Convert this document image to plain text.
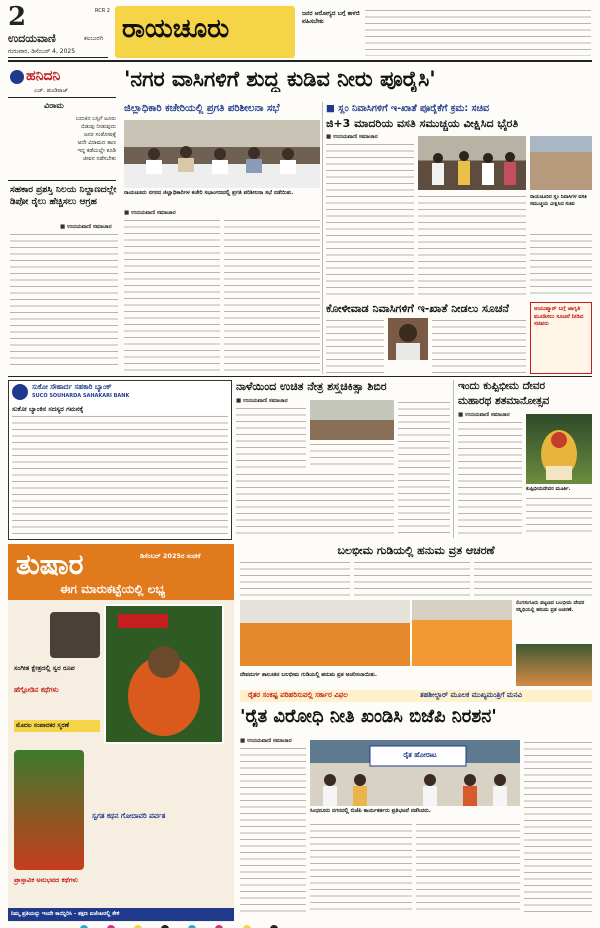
2
ಉದಯವಾಣಿ	ಕಲಬುರಗಿ
ಗುರುವಾರ, ಡಿಸೆಂಬರ್ 4, 2025
RCR 2
ರಾಯಚೂರು
ಜನರ ಆರೋಗ್ಯದ ಬಗ್ಗೆ ಕಾಳಜಿ ವಹಿಸಬೇಕು
ಹನಿದನಿ
ಎಚ್. ಡುಂಡಿರಾಜ್
ವಿರಾಮ
ಬದುಕಿನ ಬಸ್ಸಿಗೆ ಟೂರು
ಬಿಡುವು ನೀಡುವುದು
ಜನರ ಸಂತೋಷಕ್ಕೆ
ಅದೇ ವಿರಾಮದ ತಾಣ
ಇದ್ದ ಕಡೆಯಲ್ಲೇ ಕೂಡಿ
ಜೀವನ ನಡೆಸಬೇಕು
ಸಹಕಾರ ಪ್ರಶಸ್ತಿ ನಿಲಯ ನಿಲ್ದಾಣದಲ್ಲೇ ಡಿಪೋ ರೈಲು ಹೆಚ್ಚಿಸಲು ಆಗ್ರಹ
■ ಉದಯವಾಣಿ ಸಮಾಚಾರ
'ನಗರ ವಾಸಿಗಳಿಗೆ ಶುದ್ಧ ಕುಡಿವ ನೀರು ಪೂರೈಸಿ'
ಜಿಲ್ಲಾಧಿಕಾರಿ ಕಚೇರಿಯಲ್ಲಿ ಪ್ರಗತಿ ಪರಿಶೀಲನಾ ಸಭೆ
ರಾಯಚೂರು ನಗರದ ಜಿಲ್ಲಾಧಿಕಾರಿಗಳ ಕಚೇರಿ ಸಭಾಂಗಣದಲ್ಲಿ ಪ್ರಗತಿ ಪರಿಶೀಲನಾ ಸಭೆ ನಡೆಯಿತು.
■ ಉದಯವಾಣಿ ಸಮಾಚಾರ
■ ಸ್ಲಂ ನಿವಾಸಿಗಳಿಗೆ ಇ-ಖಾತೆ ಪೂರೈಕೆಗೆ ಕ್ರಮ: ಸಚಿವ
ಜಿ+3 ಮಾದರಿಯ ವಸತಿ ಸಮುಚ್ಚಯ ವೀಕ್ಷಿಸಿದ ಭೈರತಿ
■ ಉದಯವಾಣಿ ಸಮಾಚಾರ
ರಾಯಚೂರಿನ ಸ್ಲಂ ನಿವಾಸಿಗಳ ವಸತಿ ಸಮುಚ್ಚಯ ವೀಕ್ಷಿಸಿದ ಸಚಿವ
ಕೋಳೀವಾಡ ನಿವಾಸಿಗಳಿಗೆ ಇ-ಖಾತೆ ನೀಡಲು ಸೂಚನೆ	ಆಯುಷ್ಮಾನ್ ಬಗ್ಗೆ ಜಾಗೃತಿ ಮೂಡಿಸಲು ಸೂಚನೆ ನೀಡಿದ ಸಚಿವರು
ಸುಕೋ ಸೌಹಾರ್ದ ಸಹಕಾರಿ ಬ್ಯಾಂಕ್
SUCO SOUHARDA SAHAKARI BANK
ಸುಕೋ ಬ್ಯಾಂಕಿನ ಸದಸ್ಯರ ಗಮನಕ್ಕೆ
ನಾಳೆಯಿಂದ ಉಚಿತ ನೇತ್ರ ಶಸ್ತ್ರಚಿಕಿತ್ಸಾ ಶಿಬಿರ
■ ಉದಯವಾಣಿ ಸಮಾಚಾರ
ಇಂದು ಕುಪ್ಪಿಭೀಮ ದೇವರ
ಮಹಾರಥ ಶತಮಾನೋತ್ಸವ
■ ಉದಯವಾಣಿ ಸಮಾಚಾರ
ಕುಪ್ಪಿಭೀಮದೇವರ ಮೂರ್ತಿ.
ತುಷಾರ	ಡಿಸೆಂಬರ್ 2025ರ ಸಂಚಿಕೆ
ಈಗ ಮಾರುಕಟ್ಟೆಯಲ್ಲಿ ಲಭ್ಯ
ಸಂಗೀತ ಕ್ಷೇತ್ರದಲ್ಲಿ ಸ್ವರ ರೂಪ
ಹೆಗ್ಗೋಡಿನ ಕಥೆಗಳು
ಮೊದಲ ಸಂಪಾದಕರ ಸ್ಮರಣೆ
ಸ್ವಗತ ಕಥನ ಗೋದಾವರಿ ಪರ್ವತ
ಪ್ರಾಸ್ತಾವಿಕ ಅನುಭವದ ಕಥೆಗಳು
ನಿಮ್ಮ ಪ್ರತಿಯನ್ನು ಇಂದೇ ಕಾಯ್ದಿರಿಸಿ - ತಕ್ಷಣ ಏಜೆಂಟರಲ್ಲಿ ಕೇಳಿ
ಬಲಭೀಮ ಗುಡಿಯಲ್ಲಿ ಹನುಮ ವ್ರತ ಆಚರಣೆ
ಲಿಂಗಸುಗೂರು ಪಟ್ಟಣದ ಬಲಭೀಮ ದೇವರ ಸನ್ನಿಧಿಯಲ್ಲಿ ಹನುಮ ವ್ರತ ಆಚರಣೆ.
ದೇವದುರ್ಗ ತಾಲೂಕಿನ ಬಲಭೀಮ ಗುಡಿಯಲ್ಲಿ ಹನುಮ ವ್ರತ ಆಚರಿಸಲಾಯಿತು.
ರೈತರ ಸಂಕಷ್ಟ ಪರಿಹರಿಸುವಲ್ಲಿ ಸರ್ಕಾರ ವಿಫಲ	ತಹಶೀಲ್ದಾರ್ ಮೂಲಕ ಮುಖ್ಯಮಂತ್ರಿಗೆ ಮನವಿ
'ರೈತ ವಿರೋಧಿ ನೀತಿ ಖಂಡಿಸಿ ಬಿಜೆಪಿ ನಿರಶನ'
■ ಉದಯವಾಣಿ ಸಮಾಚಾರ
ರೈತ ಹೋರಾಟ
ಸಿಂಧನೂರು ನಗರದಲ್ಲಿ ಬಿಜೆಪಿ ಕಾರ್ಯಕರ್ತರು ಪ್ರತಿಭಟನೆ ನಡೆಸಿದರು.
